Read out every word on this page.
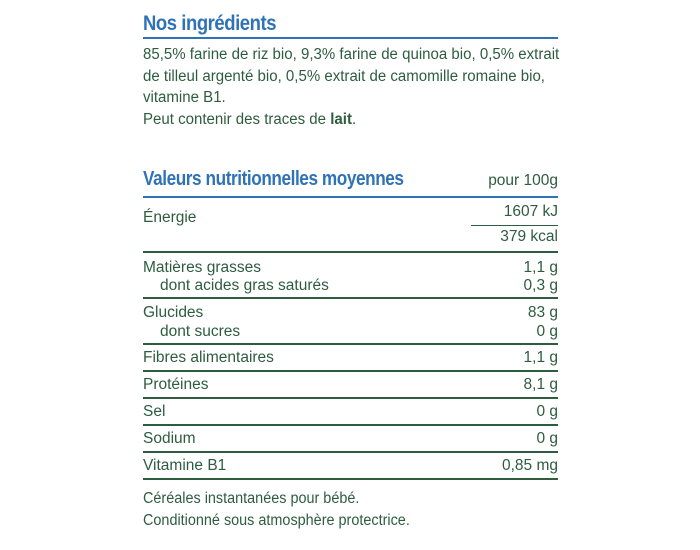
Nos ingrédients
85,5% farine de riz bio, 9,3% farine de quinoa bio, 0,5% extrait de tilleul argenté bio, 0,5% extrait de camomille romaine bio, vitamine B1.
Peut contenir des traces de lait.
Valeurs nutritionnelles moyennes	pour 100g
Énergie	1607 kJ
379 kcal
Matières grasses	1,1 g
dont acides gras saturés	0,3 g
Glucides	83 g
dont sucres	0 g
Fibres alimentaires	1,1 g
Protéines	8,1 g
Sel	0 g
Sodium	0 g
Vitamine B1	0,85 mg
Céréales instantanées pour bébé.
Conditionné sous atmosphère protectrice.
